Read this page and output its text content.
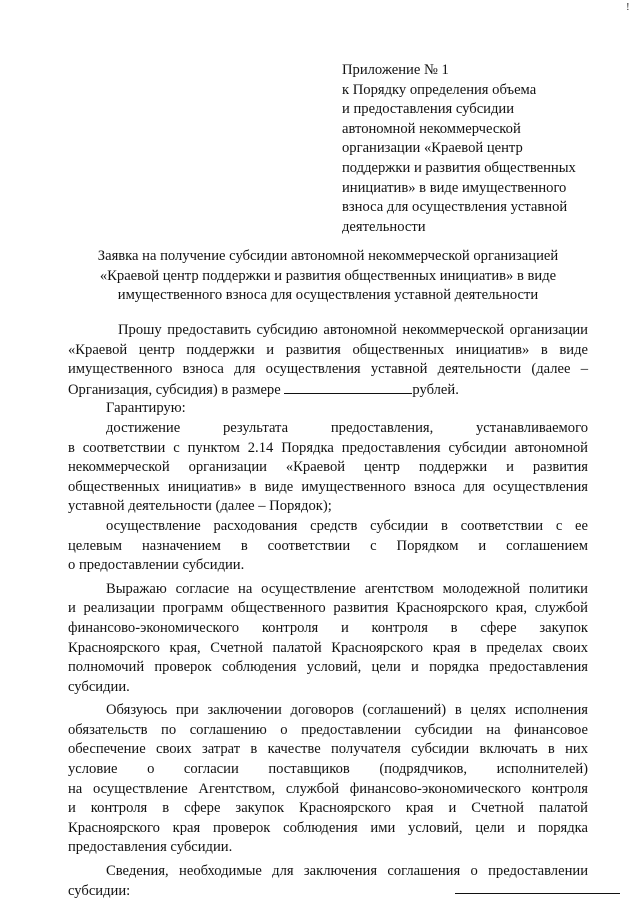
!
Приложение № 1
к Порядку определения объема
и предоставления субсидии
автономной некоммерческой
организации «Краевой центр
поддержки и развития общественных
инициатив» в виде имущественного
взноса для осуществления уставной
деятельности
Заявка на получение субсидии автономной некоммерческой организацией
«Краевой центр поддержки и развития общественных инициатив» в виде
имущественного взноса для осуществления уставной деятельности
Прошу предоставить субсидию автономной некоммерческой организации
«Краевой центр поддержки и развития общественных инициатив» в виде
имущественного взноса для осуществления уставной деятельности (далее –
Организация, субсидия) в размере	рублей.
Гарантирую:
достижение результата предоставления, устанавливаемого
в соответствии с пунктом 2.14 Порядка предоставления субсидии автономной
некоммерческой организации «Краевой центр поддержки и развития
общественных инициатив» в виде имущественного взноса для осуществления
уставной деятельности (далее – Порядок);
осуществление расходования средств субсидии в соответствии с ее
целевым назначением в соответствии с Порядком и соглашением
о предоставлении субсидии.
Выражаю согласие на осуществление агентством молодежной политики
и реализации программ общественного развития Красноярского края, службой
финансово-экономического контроля и контроля в сфере закупок
Красноярского края, Счетной палатой Красноярского края в пределах своих
полномочий проверок соблюдения условий, цели и порядка предоставления
субсидии.
Обязуюсь при заключении договоров (соглашений) в целях исполнения
обязательств по соглашению о предоставлении субсидии на финансовое
обеспечение своих затрат в качестве получателя субсидии включать в них
условие о согласии поставщиков (подрядчиков, исполнителей)
на осуществление Агентством, службой финансово-экономического контроля
и контроля в сфере закупок Красноярского края и Счетной палатой
Красноярского края проверок соблюдения ими условий, цели и порядка
предоставления субсидии.
Сведения, необходимые для заключения соглашения о предоставлении
субсидии:
